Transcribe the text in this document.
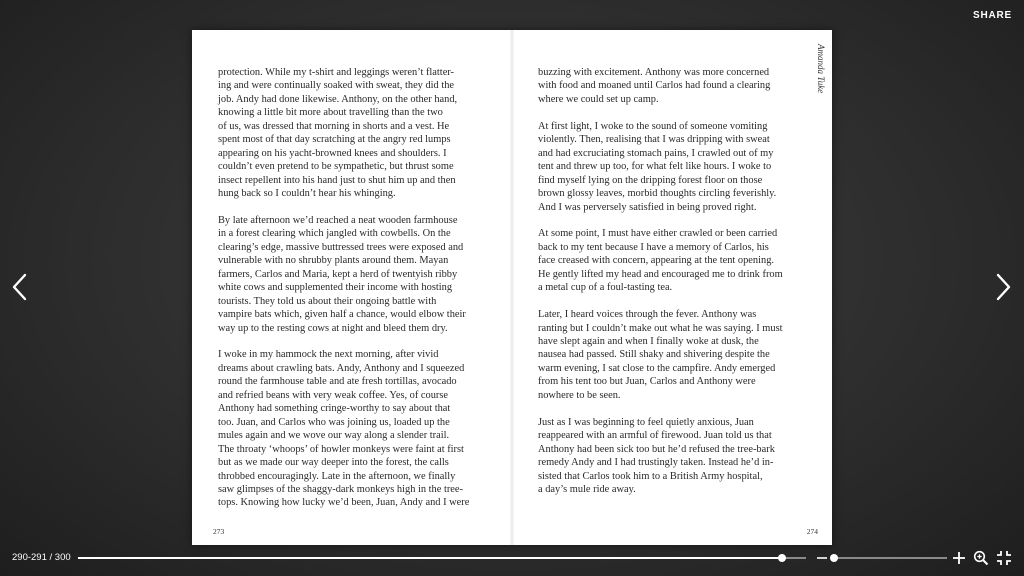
SHARE

protection. While my t-shirt and leggings weren’t flatter-

ing and were continually soaked with sweat, they did the

job. Andy had done likewise. Anthony, on the other hand,

knowing a little bit more about travelling than the two

of us, was dressed that morning in shorts and a vest. He

spent most of that day scratching at the angry red lumps

appearing on his yacht-browned knees and shoulders. I

couldn’t even pretend to be sympathetic, but thrust some

insect repellent into his hand just to shut him up and then

hung back so I couldn’t hear his whinging.

By late afternoon we’d reached a neat wooden farmhouse

in a forest clearing which jangled with cowbells. On the

clearing’s edge, massive buttressed trees were exposed and

vulnerable with no shrubby plants around them. Mayan

farmers, Carlos and Maria, kept a herd of twentyish ribby

white cows and supplemented their income with hosting

tourists. They told us about their ongoing battle with

vampire bats which, given half a chance, would elbow their

way up to the resting cows at night and bleed them dry.

I woke in my hammock the next morning, after vivid

dreams about crawling bats. Andy, Anthony and I squeezed

round the farmhouse table and ate fresh tortillas, avocado

and refried beans with very weak coffee. Yes, of course

Anthony had something cringe-worthy to say about that

too. Juan, and Carlos who was joining us, loaded up the

mules again and we wove our way along a slender trail.

The throaty ‘whoops’ of howler monkeys were faint at first

but as we made our way deeper into the forest, the calls

throbbed encouragingly. Late in the afternoon, we finally

saw glimpses of the shaggy-dark monkeys high in the tree-

tops. Knowing how lucky we’d been, Juan, Andy and I were

273
Amanda Tuke

buzzing with excitement. Anthony was more concerned

with food and moaned until Carlos had found a clearing

where we could set up camp.

At first light, I woke to the sound of someone vomiting

violently. Then, realising that I was dripping with sweat

and had excruciating stomach pains, I crawled out of my

tent and threw up too, for what felt like hours. I woke to

find myself lying on the dripping forest floor on those

brown glossy leaves, morbid thoughts circling feverishly.

And I was perversely satisfied in being proved right.

At some point, I must have either crawled or been carried

back to my tent because I have a memory of Carlos, his

face creased with concern, appearing at the tent opening.

He gently lifted my head and encouraged me to drink from

a metal cup of a foul-tasting tea.

Later, I heard voices through the fever. Anthony was

ranting but I couldn’t make out what he was saying. I must

have slept again and when I finally woke at dusk, the

nausea had passed. Still shaky and shivering despite the

warm evening, I sat close to the campfire. Andy emerged

from his tent too but Juan, Carlos and Anthony were

nowhere to be seen.

Just as I was beginning to feel quietly anxious, Juan

reappeared with an armful of firewood. Juan told us that

Anthony had been sick too but he’d refused the tree-bark

remedy Andy and I had trustingly taken. Instead he’d in-

sisted that Carlos took him to a British Army hospital,

a day’s mule ride away.

274
290-291 / 300
